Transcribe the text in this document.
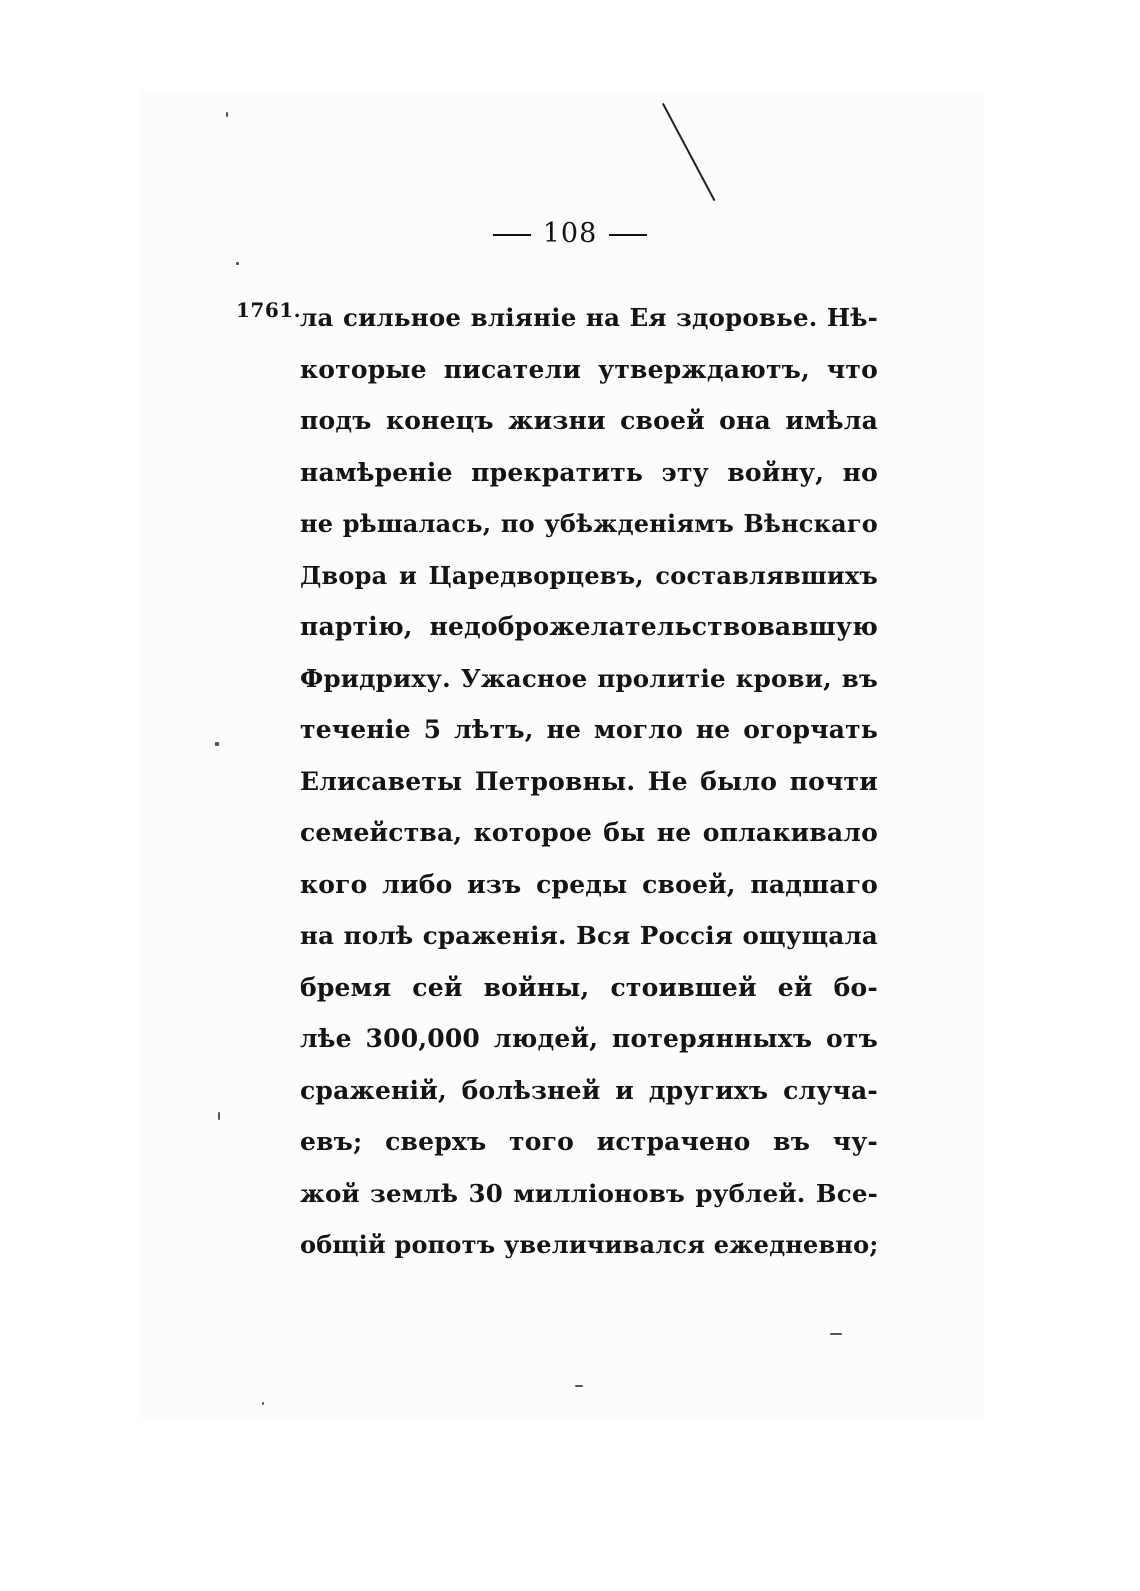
108
1761.
ла сильное вліяніе на Ея здоровье. Нѣ-
которые писатели утверждаютъ, что
подъ конецъ жизни своей она имѣла
намѣреніе прекратить эту войну, но
не рѣшалась, по убѣжденіямъ Вѣнскаго
Двора и Царедворцевъ, составлявшихъ
партію, недоброжелательствовавшую
Фридриху. Ужасное пролитіе крови, въ
теченіе 5 лѣтъ, не могло не огорчать
Елисаветы Петровны. Не было почти
семейства, которое бы не оплакивало
кого либо изъ среды своей, падшаго
на полѣ сраженія. Вся Россія ощущала
бремя сей войны, стоившей ей бо-
лѣе 300,000 людей, потерянныхъ отъ
сраженій, болѣзней и другихъ случа-
евъ; сверхъ того истрачено въ чу-
жой землѣ 30 милліоновъ рублей. Все-
общій ропотъ увеличивался ежедневно;
